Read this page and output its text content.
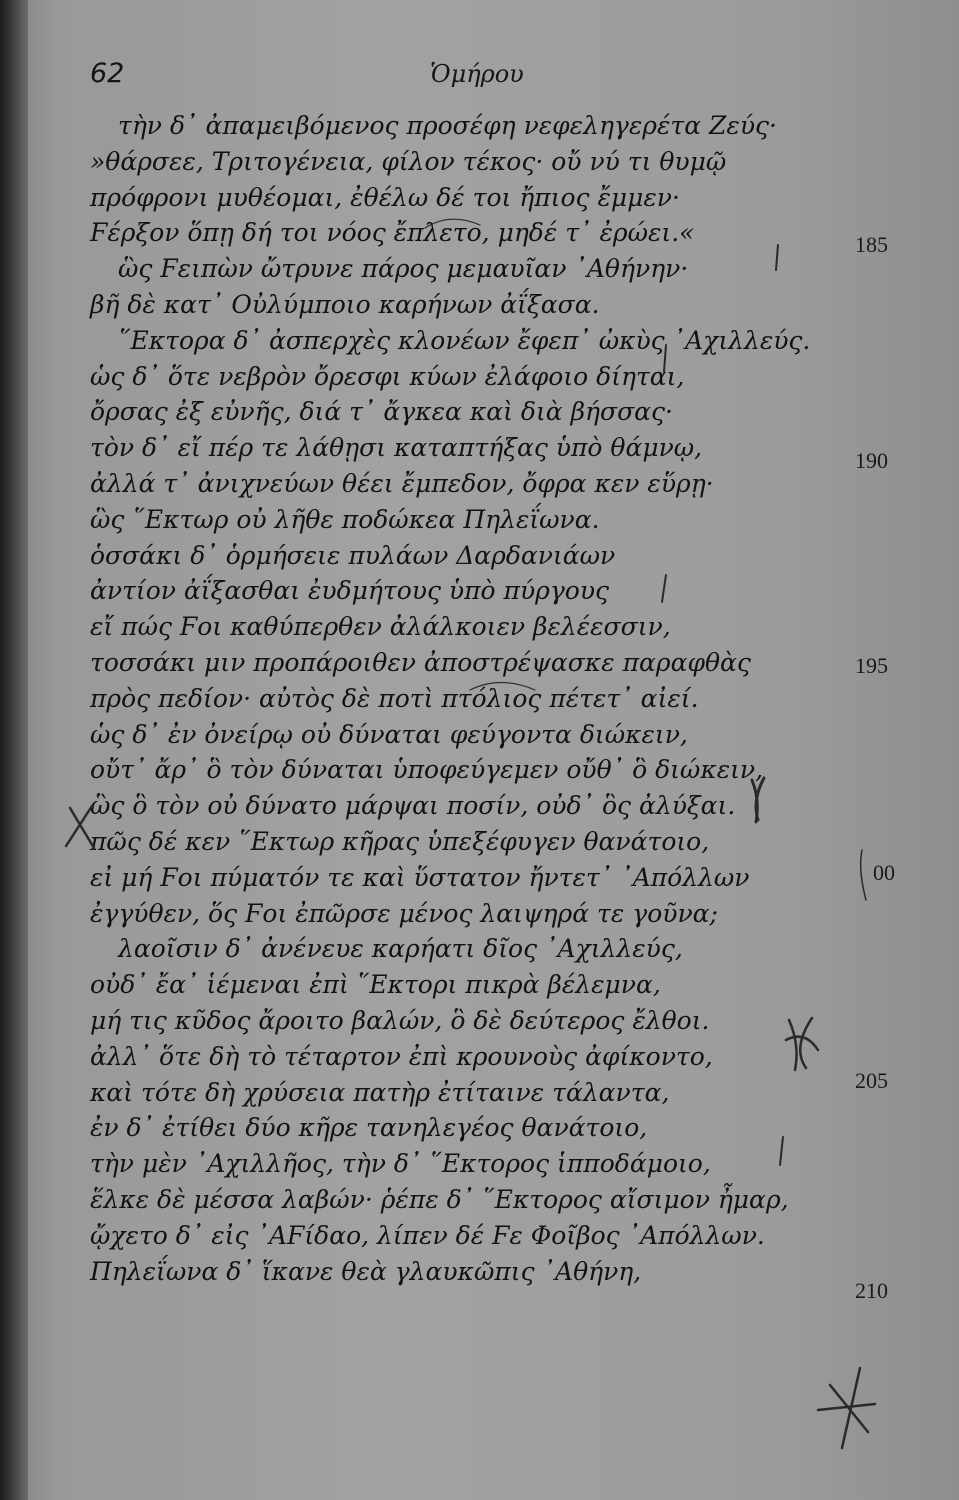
62	Ὁμήρου
τὴν δ᾽ ἀπαμειβόμενος προσέφη νεφεληγερέτα Ζεύς·
»θάρσεε, Τριτογένεια, φίλον τέκος· οὔ νύ τι θυμῷ
πρόφρονι μυθέομαι, ἐθέλω δέ τοι ἤπιος ἔμμεν·
Ϝέρξον ὅπῃ δή τοι νόος ἔπλετο, μηδέ τ᾽ ἐρώει.«
ὣς Ϝειπὼν ὤτρυνε πάρος μεμαυῖαν ᾽Αθήνην·
βῆ δὲ κατ᾽ Οὐλύμποιο καρήνων ἀΐξασα.
῞Εκτορα δ᾽ ἀσπερχὲς κλονέων ἔφεπ᾽ ὠκὺς ᾽Αχιλλεύς.
ὡς δ᾽ ὅτε νεβρὸν ὄρεσφι κύων ἐλάφοιο δίηται,
ὄρσας ἐξ εὐνῆς, διά τ᾽ ἄγκεα καὶ διὰ βήσσας·
τὸν δ᾽ εἴ πέρ τε λάθῃσι καταπτήξας ὑπὸ θάμνῳ,
ἀλλά τ᾽ ἀνιχνεύων θέει ἔμπεδον, ὄφρα κεν εὕρῃ·
ὣς ῞Εκτωρ οὐ λῆθε ποδώκεα Πηλεΐωνα.
ὁσσάκι δ᾽ ὁρμήσειε πυλάων Δαρδανιάων
ἀντίον ἀΐξασθαι ἐυδμήτους ὑπὸ πύργους
εἴ πώς Ϝοι καθύπερθεν ἀλάλκοιεν βελέεσσιν,
τοσσάκι μιν προπάροιθεν ἀποστρέψασκε παραφθὰς
πρὸς πεδίον· αὐτὸς δὲ ποτὶ πτόλιος πέτετ᾽ αἰεί.
ὡς δ᾽ ἐν ὀνείρῳ οὐ δύναται φεύγοντα διώκειν,
οὔτ᾽ ἄρ᾽ ὃ τὸν δύναται ὑποφεύγεμεν οὔθ᾽ ὃ διώκειν,
ὣς ὃ τὸν οὐ δύνατο μάρψαι ποσίν, οὐδ᾽ ὃς ἀλύξαι.
πῶς δέ κεν ῞Εκτωρ κῆρας ὑπεξέφυγεν θανάτοιο,
εἰ μή Ϝοι πύματόν τε καὶ ὕστατον ἤντετ᾽ ᾽Απόλλων
ἐγγύθεν, ὅς Ϝοι ἐπῶρσε μένος λαιψηρά τε γοῦνα;
λαοῖσιν δ᾽ ἀνένευε καρήατι δῖος ᾽Αχιλλεύς,
οὐδ᾽ ἔα᾽ ἱέμεναι ἐπὶ ῞Εκτορι πικρὰ βέλεμνα,
μή τις κῦδος ἄροιτο βαλών, ὃ δὲ δεύτερος ἔλθοι.
ἀλλ᾽ ὅτε δὴ τὸ τέταρτον ἐπὶ κρουνοὺς ἀφίκοντο,
καὶ τότε δὴ χρύσεια πατὴρ ἐτίταινε τάλαντα,
ἐν δ᾽ ἐτίθει δύο κῆρε τανηλεγέος θανάτοιο,
τὴν μὲν ᾽Αχιλλῆος, τὴν δ᾽ ῞Εκτορος ἱπποδάμοιο,
ἕλκε δὲ μέσσα λαβών· ῥέπε δ᾽ ῞Εκτορος αἴσιμον ἦμαρ,
ᾤχετο δ᾽ εἰς ᾽ΑϜίδαο, λίπεν δέ Ϝε Φοῖβος ᾽Απόλλων.
Πηλεΐωνα δ᾽ ἵκανε θεὰ γλαυκῶπις ᾽Αθήνη,
185
190
195
00
205
210
